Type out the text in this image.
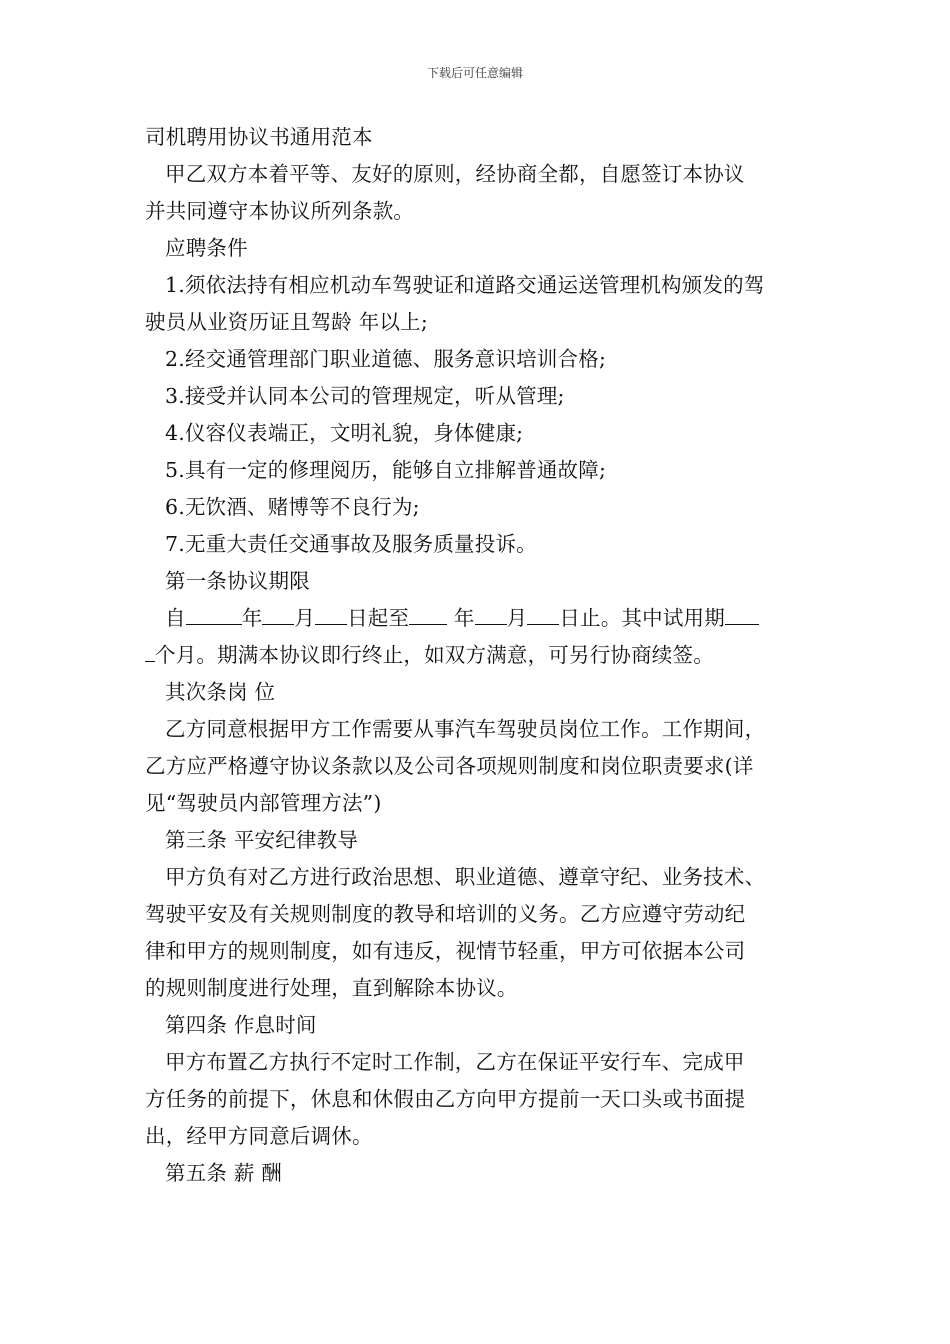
下载后可任意编辑
司机聘用协议书通用范本
甲乙双方本着平等、友好的原则，经协商全都，自愿签订本协议
并共同遵守本协议所列条款。
应聘条件
1.须依法持有相应机动车驾驶证和道路交通运送管理机构颁发的驾
驶员从业资历证且驾龄 年以上;
2.经交通管理部门职业道德、服务意识培训合格;
3.接受并认同本公司的管理规定，听从管理;
4.仪容仪表端正，文明礼貌，身体健康;
5.具有一定的修理阅历，能够自立排解普通故障;
6.无饮酒、赌博等不良行为;
7.无重大责任交通事故及服务质量投诉。
第一条协议期限
自	年 月 日起至 年 月 日止。其中试用期
个月。期满本协议即行终止，如双方满意，可另行协商续签。
其次条岗 位
乙方同意根据甲方工作需要从事汽车驾驶员岗位工作。工作期间，
乙方应严格遵守协议条款以及公司各项规则制度和岗位职责要求(详
见“驾驶员内部管理方法”)
第三条 平安纪律教导
甲方负有对乙方进行政治思想、职业道德、遵章守纪、业务技术、
驾驶平安及有关规则制度的教导和培训的义务。乙方应遵守劳动纪
律和甲方的规则制度，如有违反，视情节轻重，甲方可依据本公司
的规则制度进行处理，直到解除本协议。
第四条 作息时间
甲方布置乙方执行不定时工作制，乙方在保证平安行车、完成甲
方任务的前提下，休息和休假由乙方向甲方提前一天口头或书面提
出，经甲方同意后调休。
第五条 薪 酬
